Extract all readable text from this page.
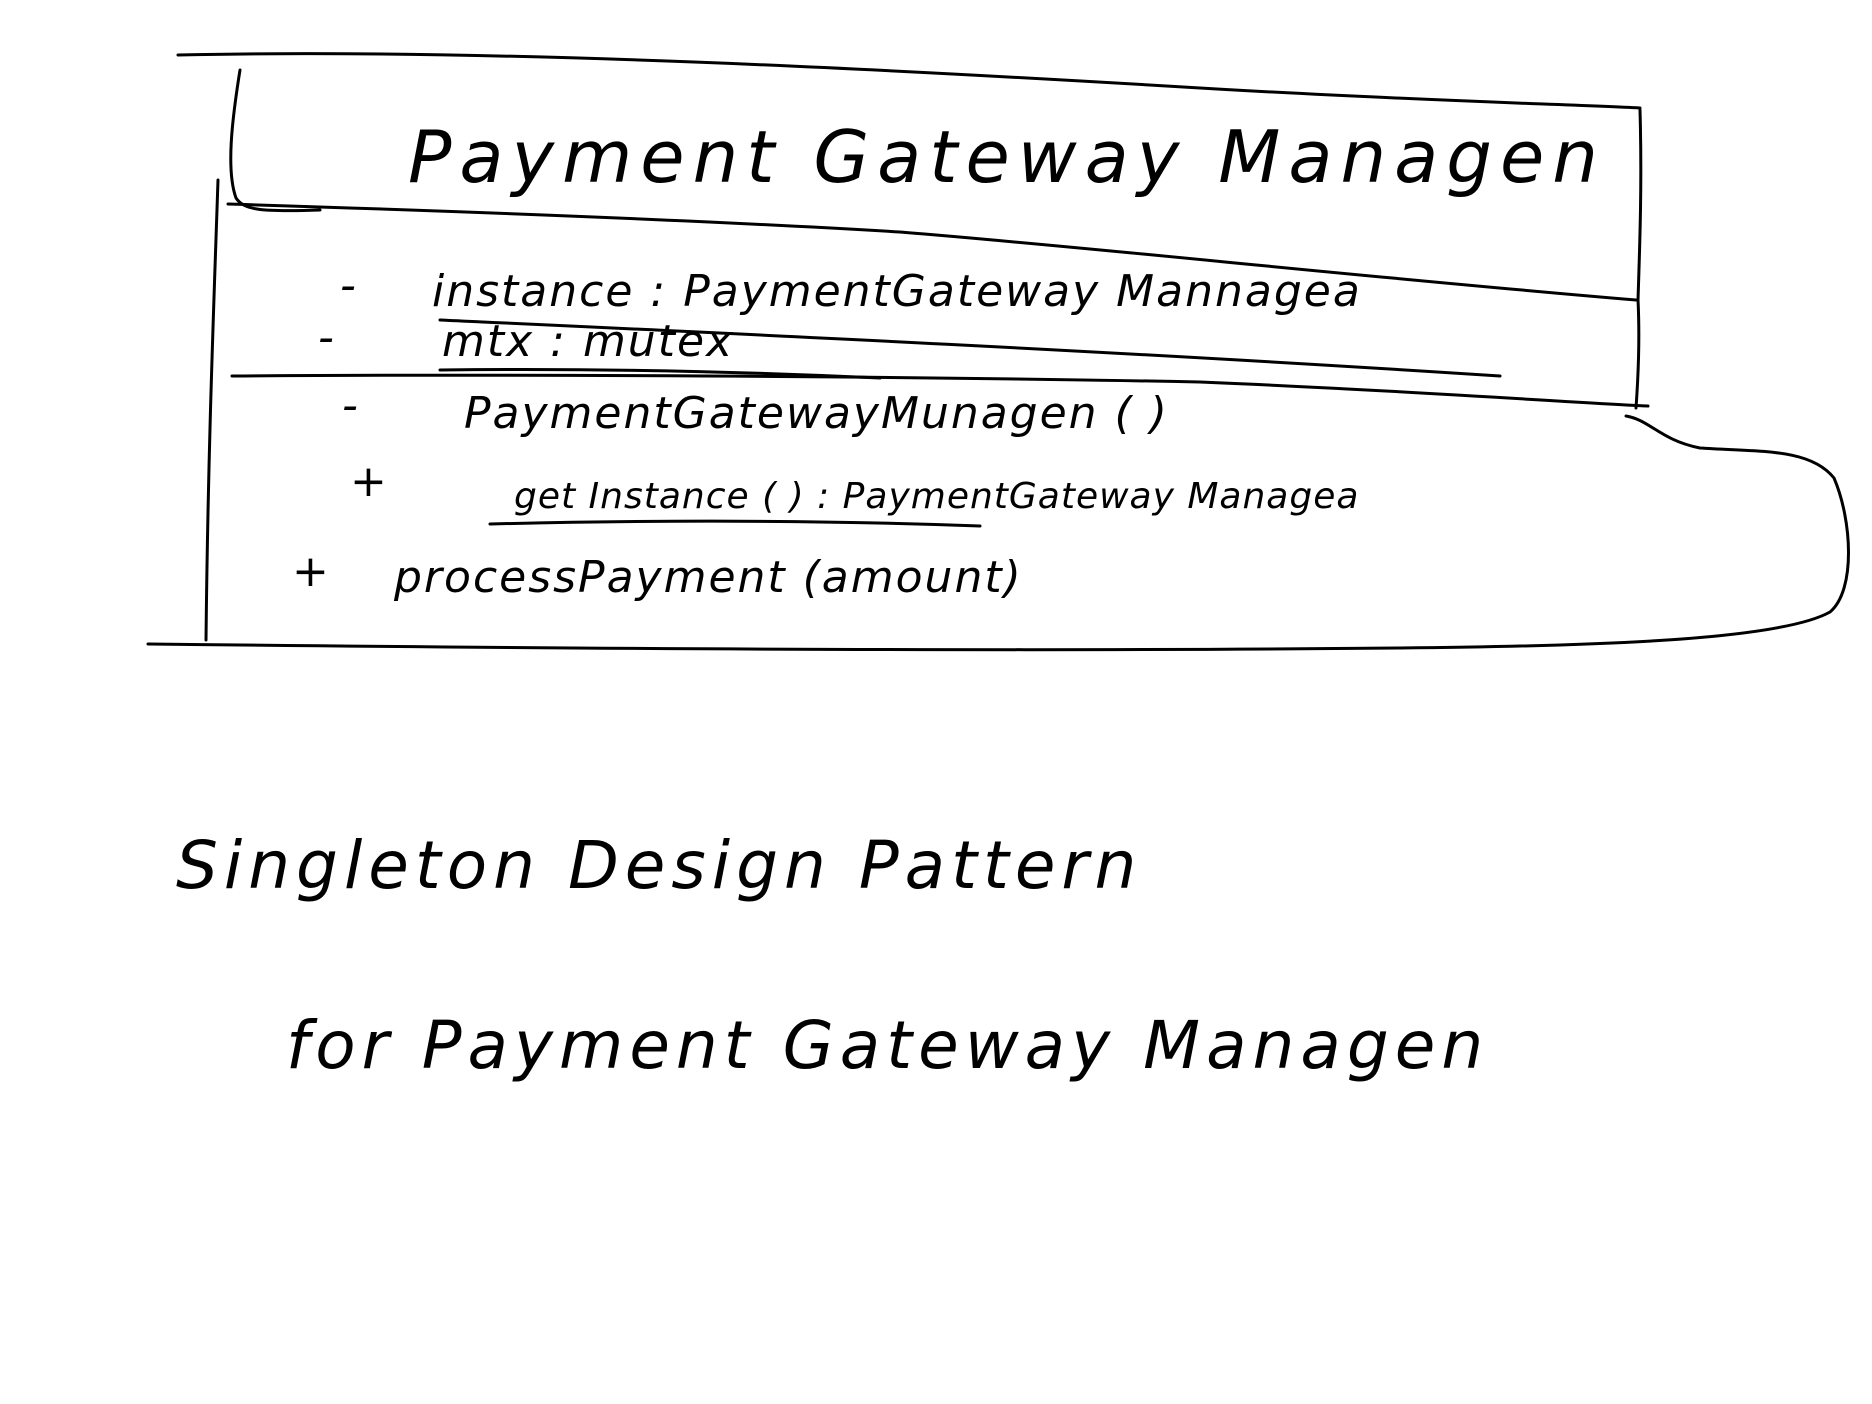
Payment Gateway Managen
- instance : PaymentGateway Mannagea
- mtx : mutex
- PaymentGatewayMunagen ( )
+	get Instance ( ) : PaymentGateway Managea
+ processPayment (amount)
Singleton Design Pattern
for Payment Gateway Managen
